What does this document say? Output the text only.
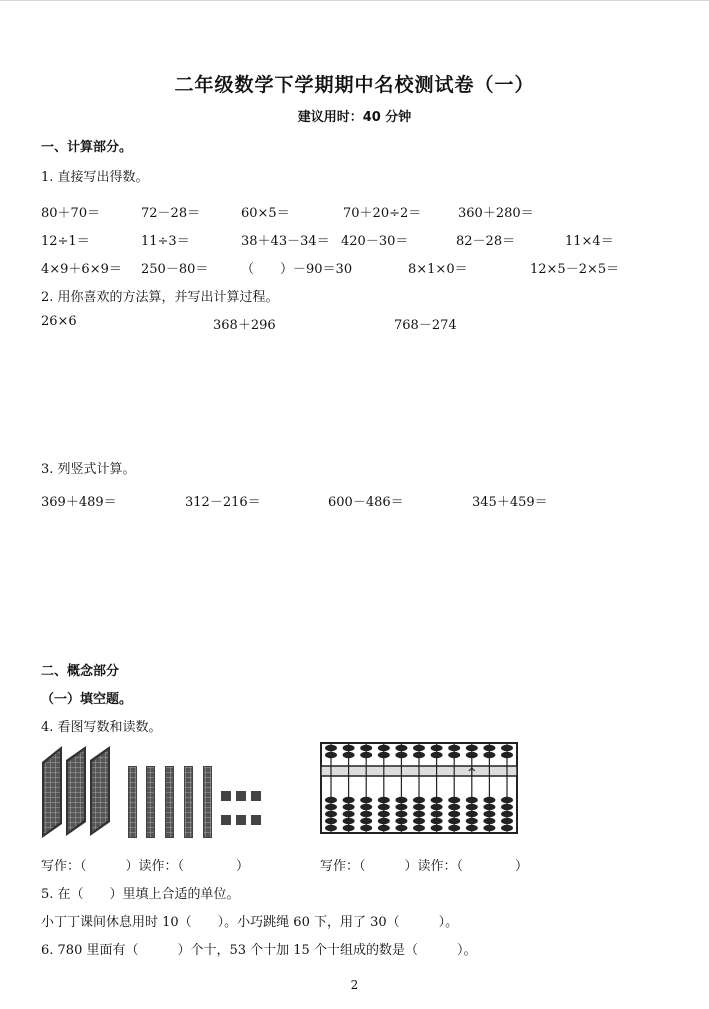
二年级数学下学期期中名校测试卷（一）
建议用时：40 分钟
一、计算部分。
1. 直接写出得数。
80＋70＝	72－28＝	60×5＝	70＋20÷2＝	360＋280＝
12÷1＝	11÷3＝	38＋43－34＝ 420－30＝	82－28＝	11×4＝
4×9＋6×9＝ 250－80＝	（　　）－90＝30	8×1×0＝	12×5－2×5＝
2. 用你喜欢的方法算，并写出计算过程。
26×6	368＋296	768－274
3. 列竖式计算。
369＋489＝	312－216＝	600－486＝	345＋459＝
二、概念部分
（一）填空题。
4. 看图写数和读数。
写作：（　　　）读作：（　　　　）	写作：（　　　）读作：（　　　　）
5. 在（　　）里填上合适的单位。
小丁丁课间休息用时 10（　　）。小巧跳绳 60 下，用了 30（　　　）。
6. 780 里面有（　　　）个十，53 个十加 15 个十组成的数是（　　　）。
2
